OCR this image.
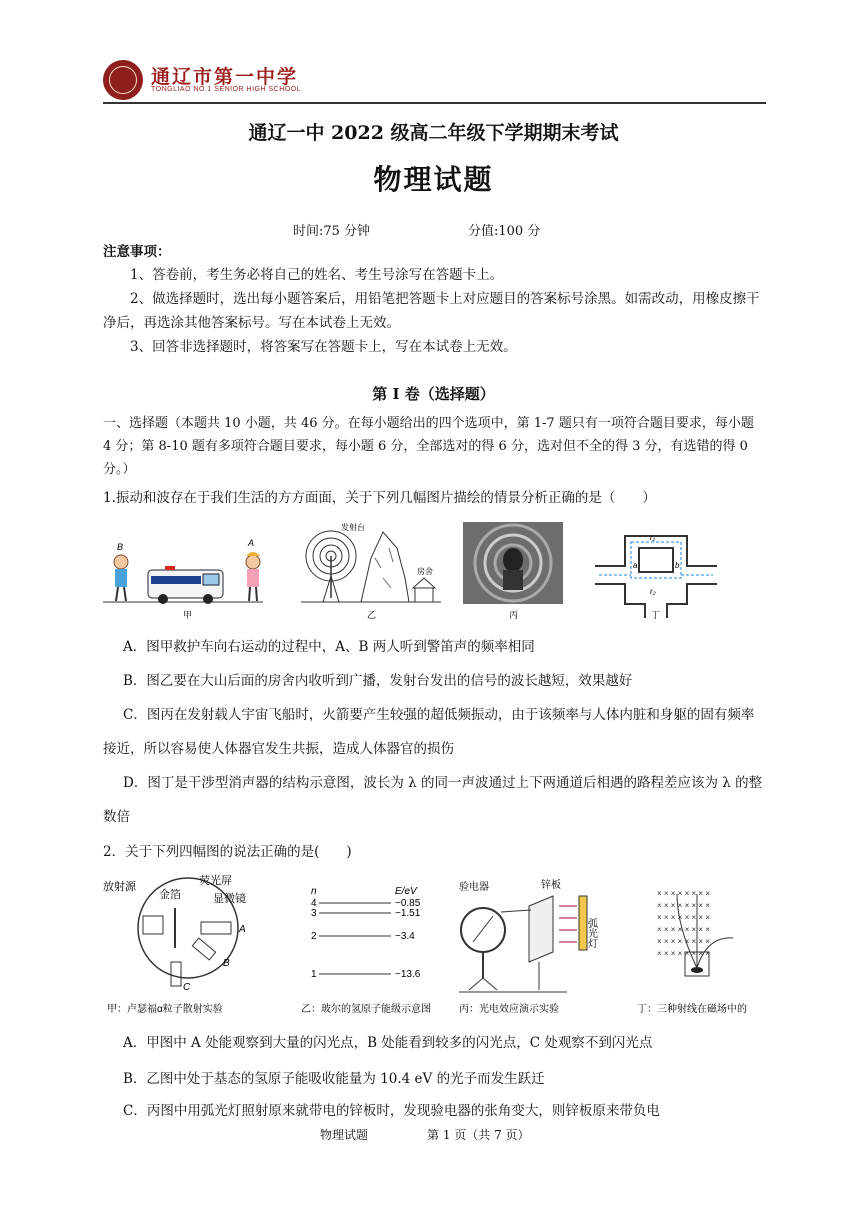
通辽市第一中学
TONGLIAO NO.1 SENIOR HIGH SCHOOL
通辽一中 2022 级高二年级下学期期末考试
物理试题
时间:75 分钟	分值:100 分
注意事项：
1、答卷前，考生务必将自己的姓名、考生号涂写在答题卡上。
2、做选择题时，选出每小题答案后，用铅笔把答题卡上对应题目的答案标号涂黑。如需改动，用橡皮擦干净后，再选涂其他答案标号。写在本试卷上无效。
3、回答非选择题时，将答案写在答题卡上，写在本试卷上无效。
第 I 卷（选择题）
一、选择题（本题共 10 小题，共 46 分。在每小题给出的四个选项中，第 1-7 题只有一项符合题目要求，每小题 4 分；第 8-10 题有多项符合题目要求，每小题 6 分，全部选对的得 6 分，选对但不全的得 3 分，有选错的得 0 分。）
1.振动和波存在于我们生活的方方面面，关于下列几幅图片描绘的情景分析正确的是（　　）
B	A
甲
发射台
房舍
乙	丙
r₁
a	b
r₂
丁
A．图甲救护车向右运动的过程中，A、B 两人听到警笛声的频率相同
B．图乙要在大山后面的房舍内收听到广播，发射台发出的信号的波长越短，效果越好
C．图丙在发射载人宇宙飞船时，火箭要产生较强的超低频振动，由于该频率与人体内脏和身躯的固有频率接近，所以容易使人体器官发生共振，造成人体器官的损伤
D．图丁是干涉型消声器的结构示意图，波长为 λ 的同一声波通过上下两通道后相遇的路程差应该为 λ 的整数倍
2．关于下列四幅图的说法正确的是(　　)
放射源
金箔
荧光屏
显微镜
A
B
C
甲：卢瑟福α粒子散射实验
n	E/eV
4
3
2
1
−0.85
−1.51
−3.4
−13.6
乙：玻尔的氢原子能级示意图
验电器	锌板
弧光灯
丙：光电效应演示实验
× × × × × × × ×
× × × × × × × ×
× × × × × × × ×
× × × × × × × ×
× × × × × × × ×
× × × × × × × ×
丁：三种射线在磁场中的
A．甲图中 A 处能观察到大量的闪光点，B 处能看到较多的闪光点，C 处观察不到闪光点
B．乙图中处于基态的氢原子能吸收能量为 10.4 eV 的光子而发生跃迁
C．丙图中用弧光灯照射原来就带电的锌板时，发现验电器的张角变大，则锌板原来带负电
物理试题	第 1 页（共 7 页）
